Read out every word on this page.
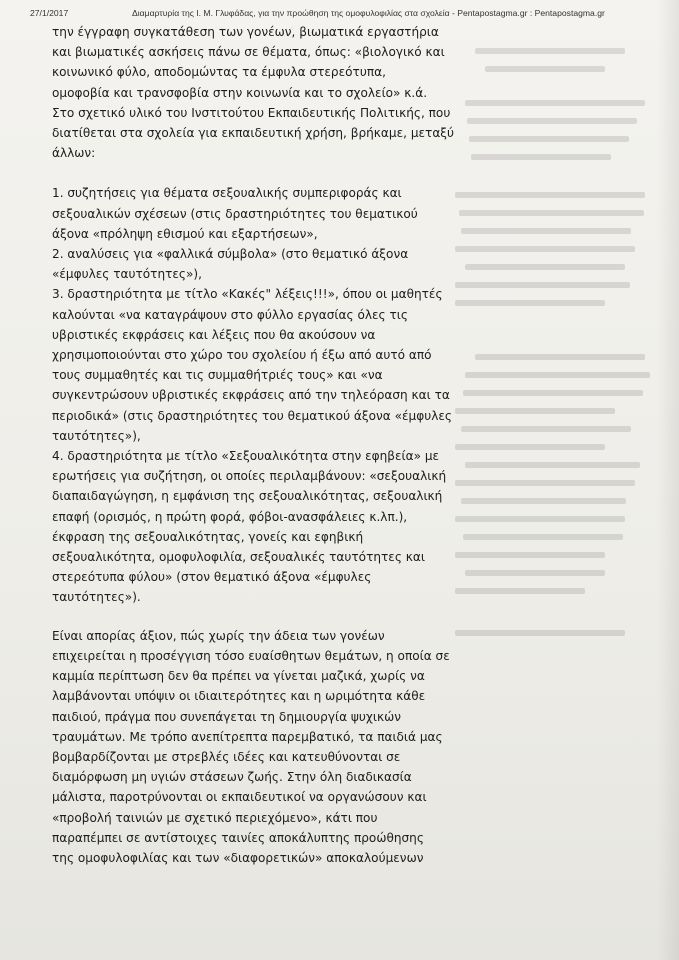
27/1/2017	Διαμαρτυρία της Ι. Μ. Γλυφάδας, για την προώθηση της ομοφυλοφιλίας στα σχολεία - Pentapostagma.gr : Pentapostagma.gr
την έγγραφη συγκατάθεση των γονέων, βιωματικά εργαστήρια
και βιωματικές ασκήσεις πάνω σε θέματα, όπως: «βιολογικό και
κοινωνικό φύλο, αποδομώντας τα έμφυλα στερεότυπα,
ομοφοβία και τρανσφοβία στην κοινωνία και το σχολείο» κ.ά.
Στο σχετικό υλικό του Ινστιτούτου Εκπαιδευτικής Πολιτικής, που
διατίθεται στα σχολεία για εκπαιδευτική χρήση, βρήκαμε, μεταξύ
άλλων:
1. συζητήσεις για θέματα σεξουαλικής συμπεριφοράς και
σεξουαλικών σχέσεων (στις δραστηριότητες του θεματικού
άξονα «πρόληψη εθισμού και εξαρτήσεων»,
2. αναλύσεις για «φαλλικά σύμβολα» (στο θεματικό άξονα
«έμφυλες ταυτότητες»),
3. δραστηριότητα με τίτλο «Κακές" λέξεις!!!», όπου οι μαθητές
καλούνται «να καταγράψουν στο φύλλο εργασίας όλες τις
υβριστικές εκφράσεις και λέξεις που θα ακούσουν να
χρησιμοποιούνται στο χώρο του σχολείου ή έξω από αυτό από
τους συμμαθητές και τις συμμαθήτριές τους» και «να
συγκεντρώσουν υβριστικές εκφράσεις από την τηλεόραση και τα
περιοδικά» (στις δραστηριότητες του θεματικού άξονα «έμφυλες
ταυτότητες»),
4. δραστηριότητα με τίτλο «Σεξουαλικότητα στην εφηβεία» με
ερωτήσεις για συζήτηση, οι οποίες περιλαμβάνουν: «σεξουαλική
διαπαιδαγώγηση, η εμφάνιση της σεξουαλικότητας, σεξουαλική
επαφή (ορισμός, η πρώτη φορά, φόβοι-ανασφάλειες κ.λπ.),
έκφραση της σεξουαλικότητας, γονείς και εφηβική
σεξουαλικότητα, ομοφυλοφιλία, σεξουαλικές ταυτότητες και
στερεότυπα φύλου» (στον θεματικό άξονα «έμφυλες
ταυτότητες»).
Είναι απορίας άξιον, πώς χωρίς την άδεια των γονέων
επιχειρείται η προσέγγιση τόσο ευαίσθητων θεμάτων, η οποία σε
καμμία περίπτωση δεν θα πρέπει να γίνεται μαζικά, χωρίς να
λαμβάνονται υπόψιν οι ιδιαιτερότητες και η ωριμότητα κάθε
παιδιού, πράγμα που συνεπάγεται τη δημιουργία ψυχικών
τραυμάτων. Με τρόπο ανεπίτρεπτα παρεμβατικό, τα παιδιά μας
βομβαρδίζονται με στρεβλές ιδέες και κατευθύνονται σε
διαμόρφωση μη υγιών στάσεων ζωής. Στην όλη διαδικασία
μάλιστα, παροτρύνονται οι εκπαιδευτικοί να οργανώσουν και
«προβολή ταινιών με σχετικό περιεχόμενο», κάτι που
παραπέμπει σε αντίστοιχες ταινίες αποκάλυπτης προώθησης
της ομοφυλοφιλίας και των «διαφορετικών» αποκαλούμενων
